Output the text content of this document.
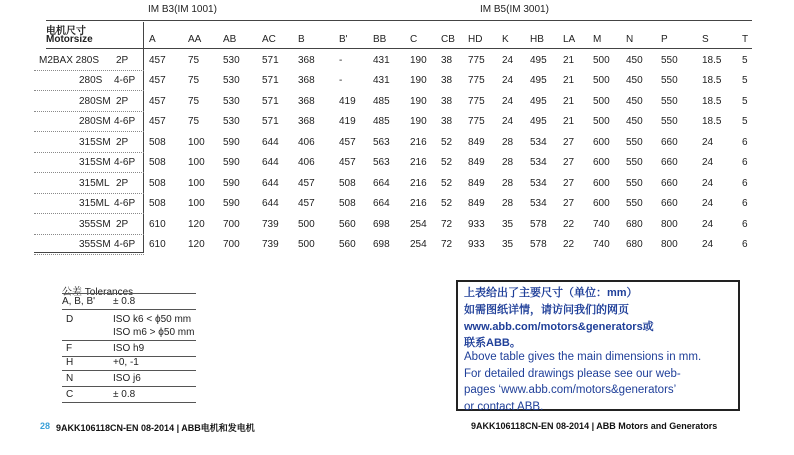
IM B3(IM 1001)	IM B5(IM 3001)
电机尺寸
Motorsize	A	AA AB	AC B	B'	BB C CB HD K HB LA M N	P	S	T
M2BAX 280S 2P 457 75 530 571 368 -	431 190 38 775 24 495 21 500 450 550 18.5 5
280S 4-6P 457 75 530 571 368 -	431 190 38 775 24 495 21 500 450 550 18.5 5
280SM 2P 457 75 530 571 368 419 485 190 38 775 24 495 21 500 450 550 18.5 5
280SM 4-6P 457 75 530 571 368 419 485 190 38 775 24 495 21 500 450 550 18.5 5
315SM 2P 508 100 590 644 406 457 563 216 52 849 28 534 27 600 550 660 24	6
315SM 4-6P 508 100 590 644 406 457 563 216 52 849 28 534 27 600 550 660 24	6
315ML 2P 508 100 590 644 457 508 664 216 52 849 28 534 27 600 550 660 24	6
315ML 4-6P 508 100 590 644 457 508 664 216 52 849 28 534 27 600 550 660 24	6
355SM 2P 610 120 700 739 500 560 698 254 72 933 35 578 22 740 680 800 24	6
355SM 4-6P 610 120 700 739 500 560 698 254 72 933 35 578 22 740 680 800 24	6
公差 Tolerances
A, B, B' ± 0.8
D	ISO k6 < ϕ50 mm
ISO m6 > ϕ50 mm
F	ISO h9
H	+0, -1
N	ISO j6
C	± 0.8
上表给出了主要尺寸（单位：mm）
如需图纸详情，请访问我们的网页
www.abb.com/motors&generators或
联系ABB。
Above table gives the main dimensions in mm.
For detailed drawings please see our web-
pages ‘www.abb.com/motors&generators’
or contact ABB.
28 9AKK106118CN-EN 08-2014 | ABB电机和发电机	9AKK106118CN-EN 08-2014 | ABB Motors and Generators
